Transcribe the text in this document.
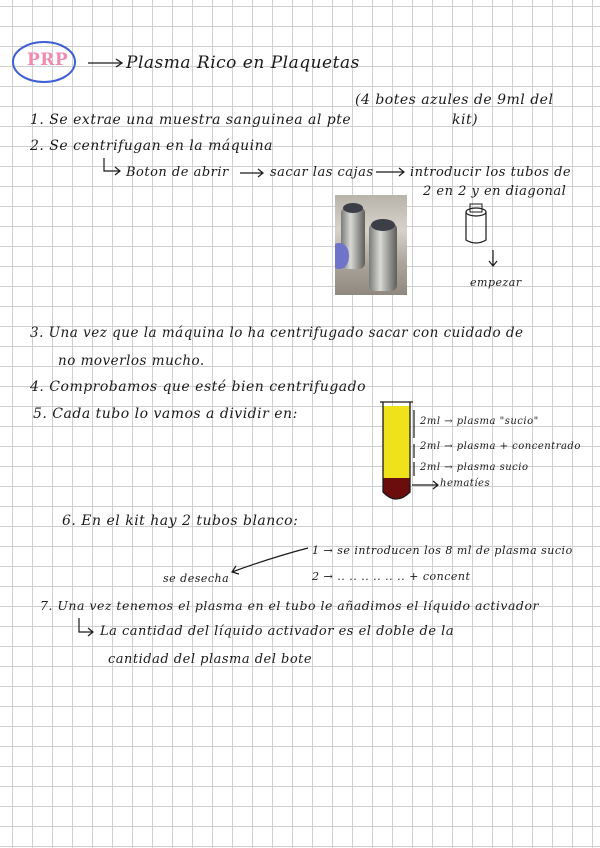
PRP	Plasma Rico en Plaquetas
1. Se extrae una muestra sanguinea al pte
(4 botes azules de 9ml del
kit)
2. Se centrifugan en la máquina
Boton de abrir	sacar las cajas	introducir los tubos de
2 en 2 y en diagonal
empezar
3. Una vez que la máquina lo ha centrifugado sacar con cuidado de
no moverlos mucho.
4. Comprobamos que esté bien centrifugado
5. Cada tubo lo vamos a dividir en:	2ml → plasma "sucio"
2ml → plasma + concentrado
2ml → plasma sucio
hematíes
6. En el kit hay 2 tubos blanco:
1 → se introducen los 8 ml de plasma sucio
2 → .. .. .. .. .. .. + concent
se desecha
7. Una vez tenemos el plasma en el tubo le añadimos el líquido activador
La cantidad del líquido activador es el doble de la
cantidad del plasma del bote
